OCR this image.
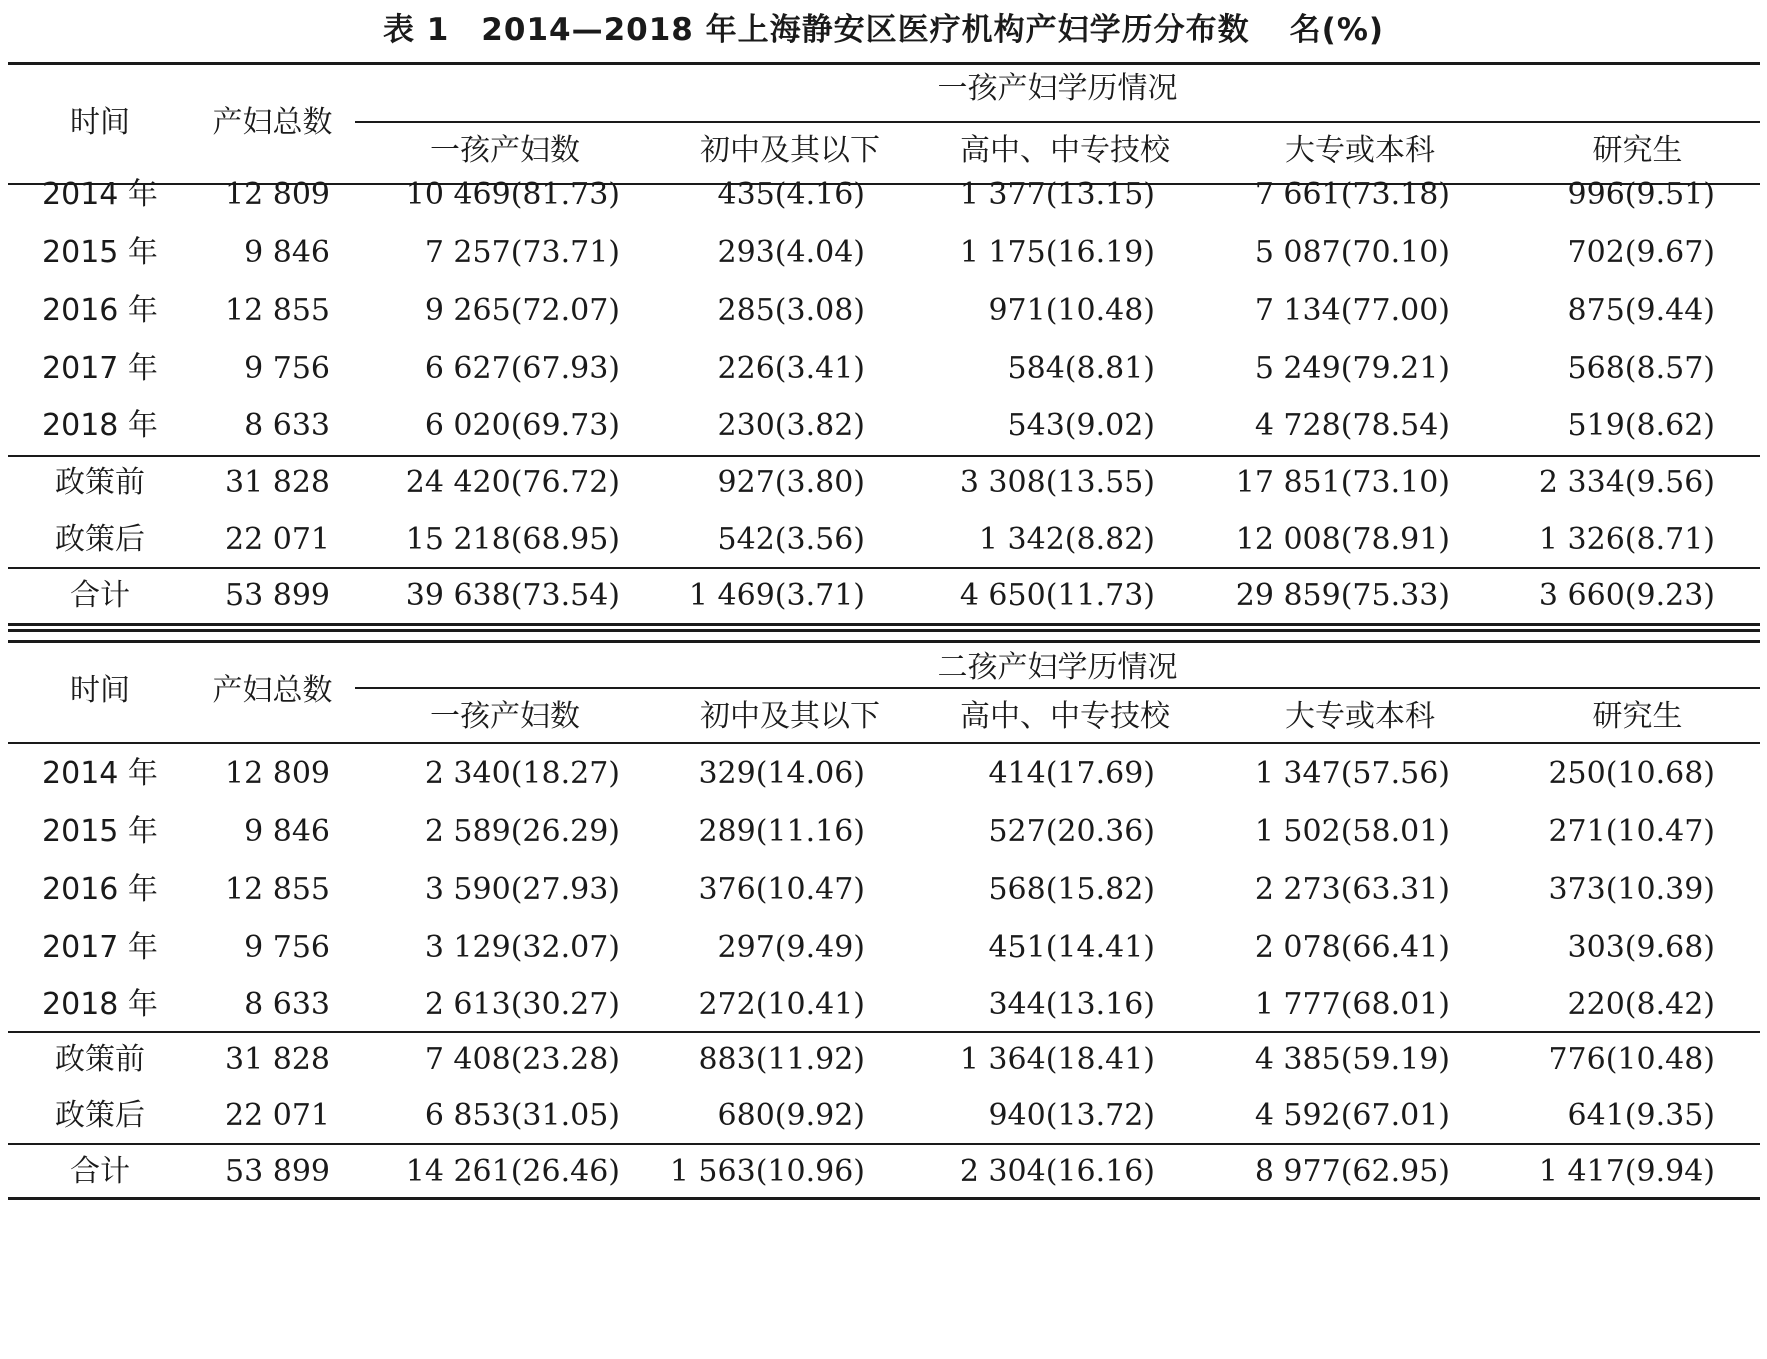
表 1　2014—2018 年上海静安区医疗机构产妇学历分布数 名(%)
时间	产妇总数
一孩产妇学历情况
一孩产妇数	初中及其以下	高中、中专技校	大专或本科	研究生
2014 年	12 809	10 469(81.73)	435(4.16)	1 377(13.15)	7 661(73.18)	996(9.51)
2015 年	9 846	7 257(73.71)	293(4.04)	1 175(16.19)	5 087(70.10)	702(9.67)
2016 年	12 855	9 265(72.07)	285(3.08)	971(10.48)	7 134(77.00)	875(9.44)
2017 年	9 756	6 627(67.93)	226(3.41)	584(8.81)	5 249(79.21)	568(8.57)
2018 年	8 633	6 020(69.73)	230(3.82)	543(9.02)	4 728(78.54)	519(8.62)
政策前	31 828	24 420(76.72)	927(3.80)	3 308(13.55)	17 851(73.10)	2 334(9.56)
政策后	22 071	15 218(68.95)	542(3.56)	1 342(8.82)	12 008(78.91)	1 326(8.71)
合计	53 899	39 638(73.54)	1 469(3.71)	4 650(11.73)	29 859(75.33)	3 660(9.23)
时间	产妇总数
二孩产妇学历情况
一孩产妇数	初中及其以下	高中、中专技校	大专或本科	研究生
2014 年	12 809	2 340(18.27)	329(14.06)	414(17.69)	1 347(57.56)	250(10.68)
2015 年	9 846	2 589(26.29)	289(11.16)	527(20.36)	1 502(58.01)	271(10.47)
2016 年	12 855	3 590(27.93)	376(10.47)	568(15.82)	2 273(63.31)	373(10.39)
2017 年	9 756	3 129(32.07)	297(9.49)	451(14.41)	2 078(66.41)	303(9.68)
2018 年	8 633	2 613(30.27)	272(10.41)	344(13.16)	1 777(68.01)	220(8.42)
政策前	31 828	7 408(23.28)	883(11.92)	1 364(18.41)	4 385(59.19)	776(10.48)
政策后	22 071	6 853(31.05)	680(9.92)	940(13.72)	4 592(67.01)	641(9.35)
合计	53 899	14 261(26.46)	1 563(10.96)	2 304(16.16)	8 977(62.95)	1 417(9.94)
